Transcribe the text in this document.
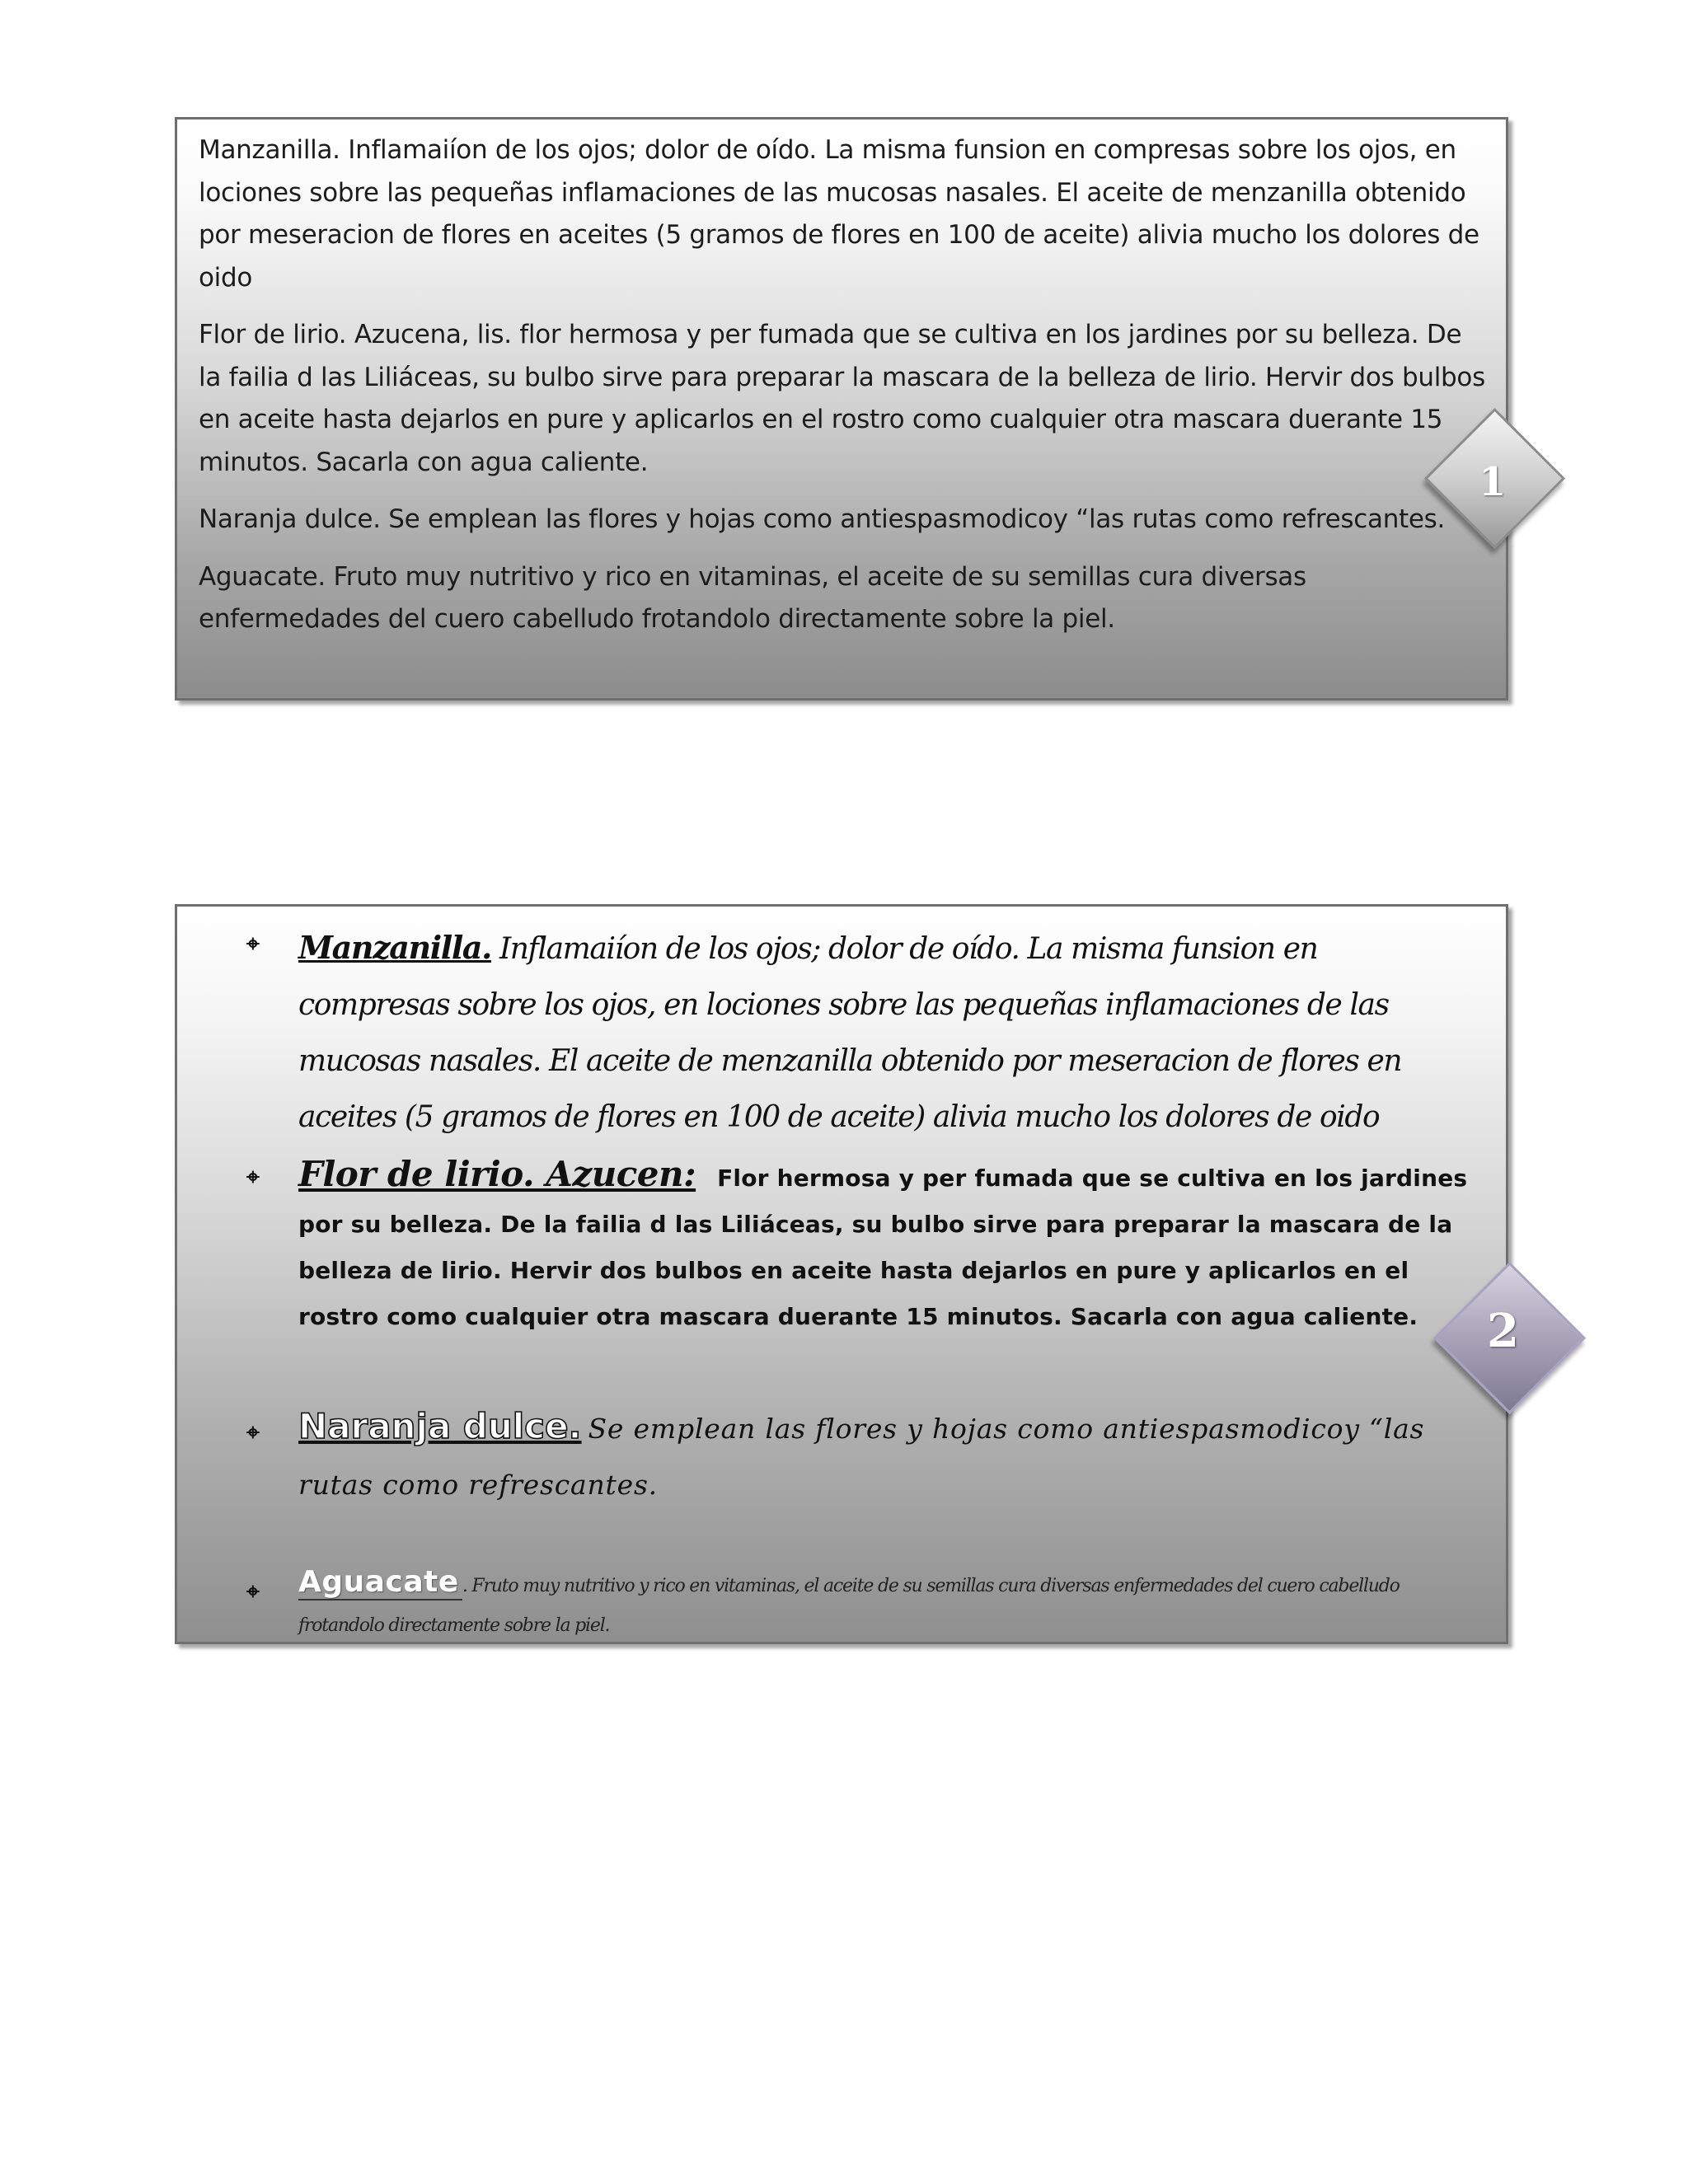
Manzanilla. Inflamaiíon de los ojos; dolor de oído. La misma funsion en compresas sobre los ojos, en lociones sobre las pequeñas inflamaciones de las mucosas nasales. El aceite de menzanilla obtenido por meseracion de flores en aceites (5 gramos de flores en 100 de aceite) alivia mucho los dolores de oido

Flor de lirio. Azucena, lis. flor hermosa y per fumada que se cultiva en los jardines por su belleza. De la failia d las Liliáceas, su bulbo sirve para preparar la mascara de la belleza de lirio. Hervir dos bulbos en aceite hasta dejarlos en pure y aplicarlos en el rostro como cualquier otra mascara duerante 15 minutos. Sacarla con agua caliente.

Naranja dulce. Se emplean las flores y hojas como antiespasmodicoy “las rutas como refrescantes.

Aguacate. Fruto muy nutritivo y rico en vitaminas, el aceite de su semillas cura diversas enfermedades del cuero cabelludo frotandolo directamente sobre la piel.

1
⌖ Manzanilla. Inflamaiíon de los ojos; dolor de oído. La misma funsion en compresas sobre los ojos, en lociones sobre las pequeñas inflamaciones de las mucosas nasales. El aceite de menzanilla obtenido por meseracion de flores en aceites (5 gramos de flores en 100 de aceite) alivia mucho los dolores de oido
⌖ Flor de lirio. Azucen: Flor hermosa y per fumada que se cultiva en los jardines por su belleza. De la failia d las Liliáceas, su bulbo sirve para preparar la mascara de la belleza de lirio. Hervir dos bulbos en aceite hasta dejarlos en pure y aplicarlos en el rostro como cualquier otra mascara duerante 15 minutos. Sacarla con agua caliente.
⌖ Naranja dulce. Se emplean las flores y hojas como antiespasmodicoy “las rutas como refrescantes.
⌖ Aguacate . Fruto muy nutritivo y rico en vitaminas, el aceite de su semillas cura diversas enfermedades del cuero cabelludo frotandolo directamente sobre la piel.
2
